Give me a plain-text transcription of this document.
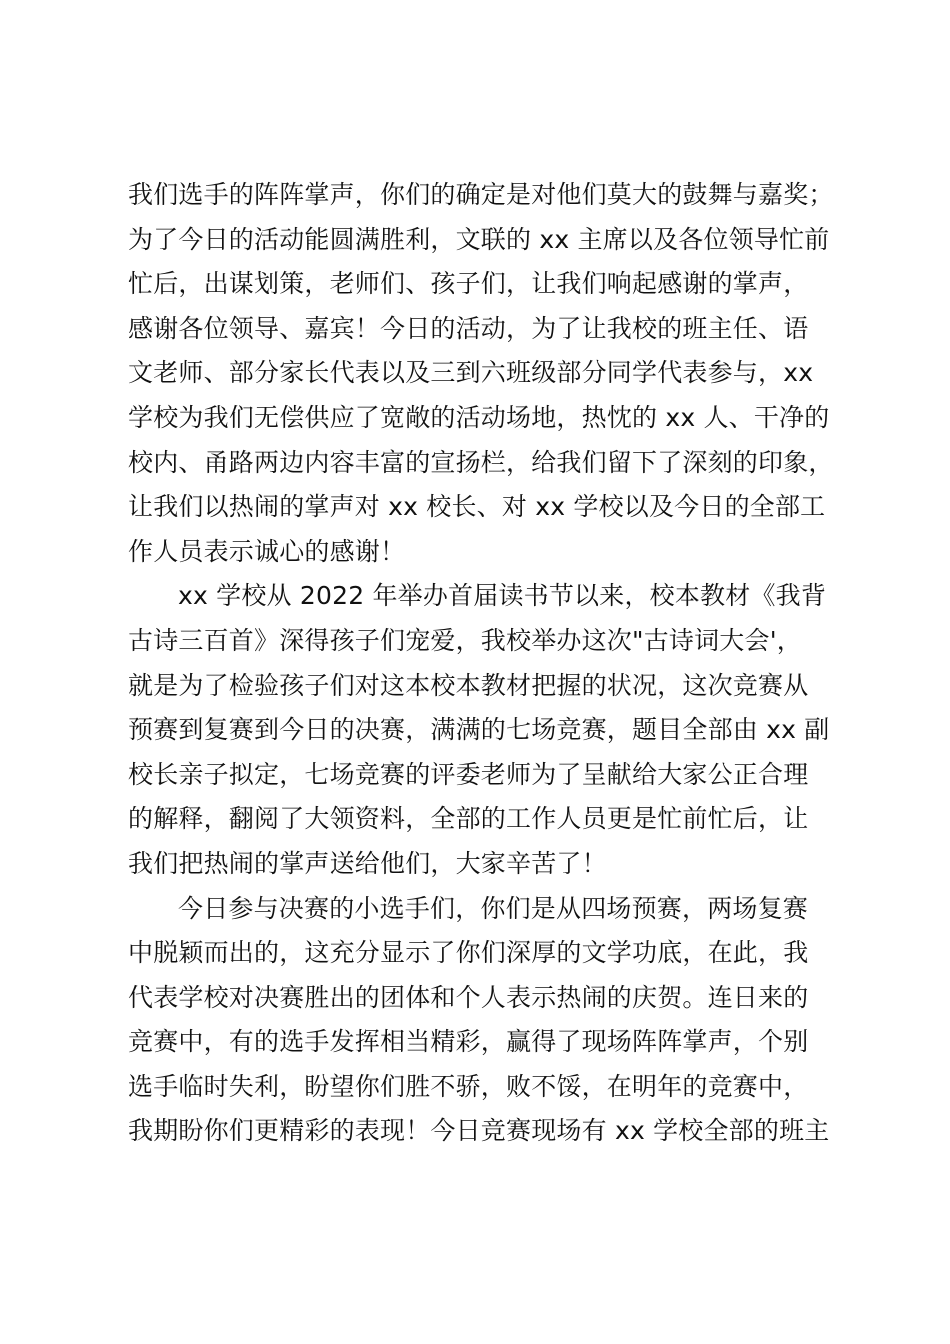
我们选手的阵阵掌声，你们的确定是对他们莫大的鼓舞与嘉奖；
为了今日的活动能圆满胜利，文联的 xx 主席以及各位领导忙前
忙后，出谋划策，老师们、孩子们，让我们响起感谢的掌声，
感谢各位领导、嘉宾！今日的活动，为了让我校的班主任、语
文老师、部分家长代表以及三到六班级部分同学代表参与，xx
学校为我们无偿供应了宽敞的活动场地，热忱的 xx 人、干净的
校内、甬路两边内容丰富的宣扬栏，给我们留下了深刻的印象，
让我们以热闹的掌声对 xx 校长、对 xx 学校以及今日的全部工
作人员表示诚心的感谢！
xx 学校从 2022 年举办首届读书节以来，校本教材《我背
古诗三百首》深得孩子们宠爱，我校举办这次"古诗词大会'，
就是为了检验孩子们对这本校本教材把握的状况，这次竞赛从
预赛到复赛到今日的决赛，满满的七场竞赛，题目全部由 xx 副
校长亲子拟定，七场竞赛的评委老师为了呈献给大家公正合理
的解释，翻阅了大领资料，全部的工作人员更是忙前忙后，让
我们把热闹的掌声送给他们，大家辛苦了！
今日参与决赛的小选手们，你们是从四场预赛，两场复赛
中脱颖而出的，这充分显示了你们深厚的文学功底，在此，我
代表学校对决赛胜出的团体和个人表示热闹的庆贺。连日来的
竞赛中，有的选手发挥相当精彩，赢得了现场阵阵掌声，个别
选手临时失利，盼望你们胜不骄，败不馁，在明年的竞赛中，
我期盼你们更精彩的表现！今日竞赛现场有 xx 学校全部的班主
